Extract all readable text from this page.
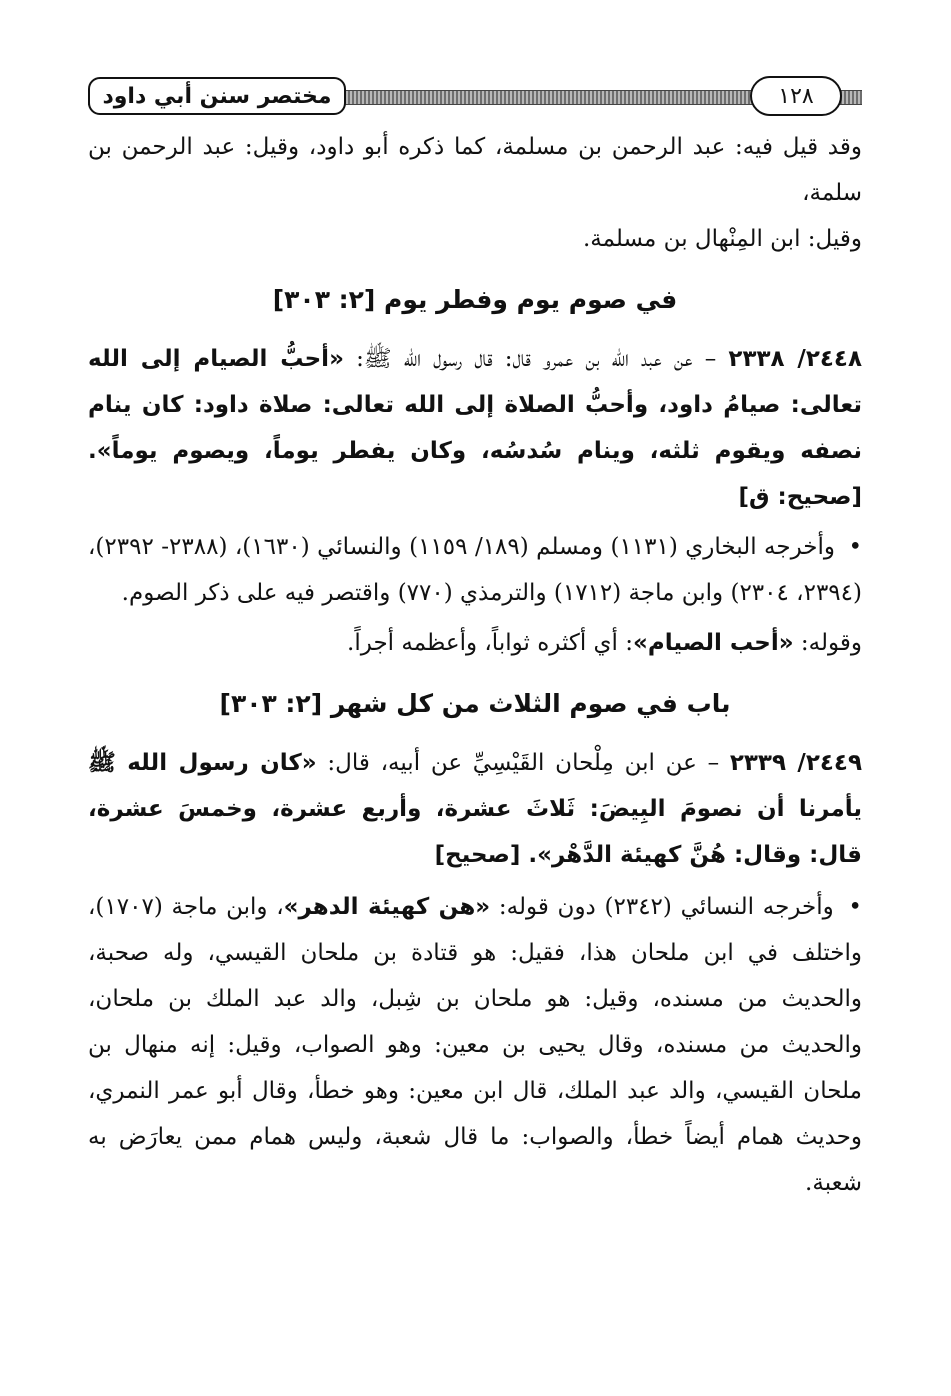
مختصر سنن أبي داود	١٢٨

وقد قيل فيه: عبد الرحمن بن مسلمة، كما ذكره أبو داود، وقيل: عبد الرحمن بن سلمة،

وقيل: ابن المِنْهال بن مسلمة.

في صوم يوم وفطر يوم [٢: ٣٠٣]

٢٤٤٨/ ٢٣٣٨ – عن عبد الله بن عمرو قال: قال رسول الله ﷺ: «أحبُّ الصيام إلى الله تعالى: صيامُ داود، وأحبُّ الصلاة إلى الله تعالى: صلاة داود: كان ينام نصفه ويقوم ثلثه، وينام سُدسُه، وكان يفطر يوماً، ويصوم يوماً». [صحيح: ق]

• وأخرجه البخاري (١١٣١) ومسلم (١٨٩/ ١١٥٩) والنسائي (١٦٣٠)، (٢٣٨٨- ٢٣٩٢)، (٢٣٩٤، ٢٣٠٤) وابن ماجة (١٧١٢) والترمذي (٧٧٠) واقتصر فيه على ذكر الصوم.

وقوله: «أحب الصيام»: أي أكثره ثواباً، وأعظمه أجراً.

باب في صوم الثلاث من كل شهر [٢: ٣٠٣]

٢٤٤٩/ ٢٣٣٩ – عن ابن مِلْحان القَيْسِيِّ عن أبيه، قال: «كان رسول الله ﷺ يأمرنا أن نصومَ البِيضَ: ثَلاثَ عشرة، وأربع عشرة، وخمسَ عشرة، قال: وقال: هُنَّ كهيئة الدَّهْر». [صحيح]

• وأخرجه النسائي (٢٣٤٢) دون قوله: «هن كهيئة الدهر»، وابن ماجة (١٧٠٧)، واختلف في ابن ملحان هذا، فقيل: هو قتادة بن ملحان القيسي، وله صحبة، والحديث من مسنده، وقيل: هو ملحان بن شِبل، والد عبد الملك بن ملحان، والحديث من مسنده، وقال يحيى بن معين: وهو الصواب، وقيل: إنه منهال بن ملحان القيسي، والد عبد الملك، قال ابن معين: وهو خطأ، وقال أبو عمر النمري، وحديث همام أيضاً خطأ، والصواب: ما قال شعبة، وليس همام ممن يعارَض به شعبة.
